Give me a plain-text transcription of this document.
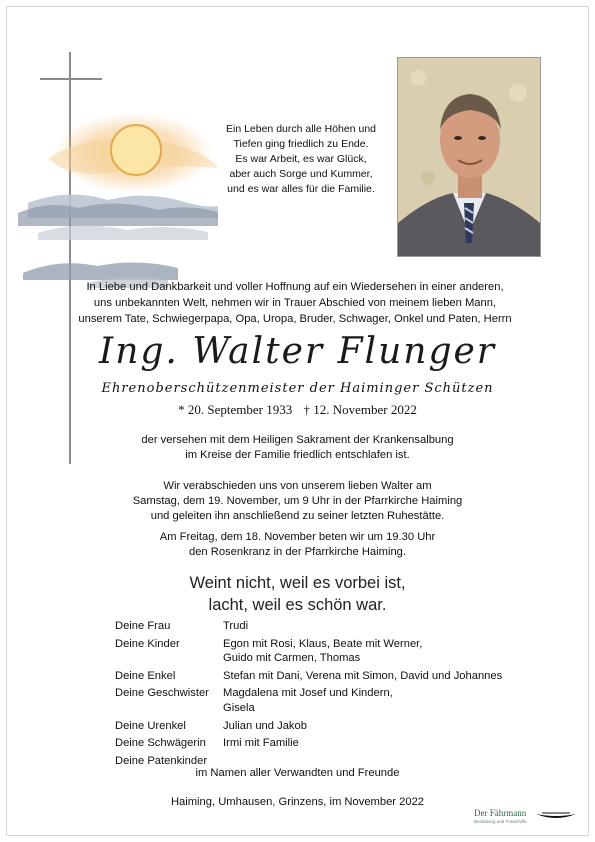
Ein Leben durch alle Höhen und
Tiefen ging friedlich zu Ende.
Es war Arbeit, es war Glück,
aber auch Sorge und Kummer,
und es war alles für die Familie.
In Liebe und Dankbarkeit und voller Hoffnung auf ein Wiedersehen in einer anderen,
uns unbekannten Welt, nehmen wir in Trauer Abschied von meinem lieben Mann,
unserem Tate, Schwiegerpapa, Opa, Uropa, Bruder, Schwager, Onkel und Paten, Herrn
Ing. Walter Flunger
Ehrenoberschützenmeister der Haiminger Schützen
* 20. September 1933 † 12. November 2022
der versehen mit dem Heiligen Sakrament der Krankensalbung
im Kreise der Familie friedlich entschlafen ist.
Wir verabschieden uns von unserem lieben Walter am
Samstag, dem 19. November, um 9 Uhr in der Pfarrkirche Haiming
und geleiten ihn anschließend zu seiner letzten Ruhestätte.
Am Freitag, dem 18. November beten wir um 19.30 Uhr
den Rosenkranz in der Pfarrkirche Haiming.
Weint nicht, weil es vorbei ist,
lacht, weil es schön war.
Deine Frau	Trudi
Deine Kinder	Egon mit Rosi, Klaus, Beate mit Werner,
Guido mit Carmen, Thomas
Deine Enkel	Stefan mit Dani, Verena mit Simon, David und Johannes
Deine Geschwister	Magdalena mit Josef und Kindern,
Gisela
Deine Urenkel	Julian und Jakob
Deine Schwägerin	Irmi mit Familie
Deine Patenkinder
im Namen aller Verwandten und Freunde
Haiming, Umhausen, Grinzens, im November 2022
Der Fährmann
Bestattung und Trauerhilfe
